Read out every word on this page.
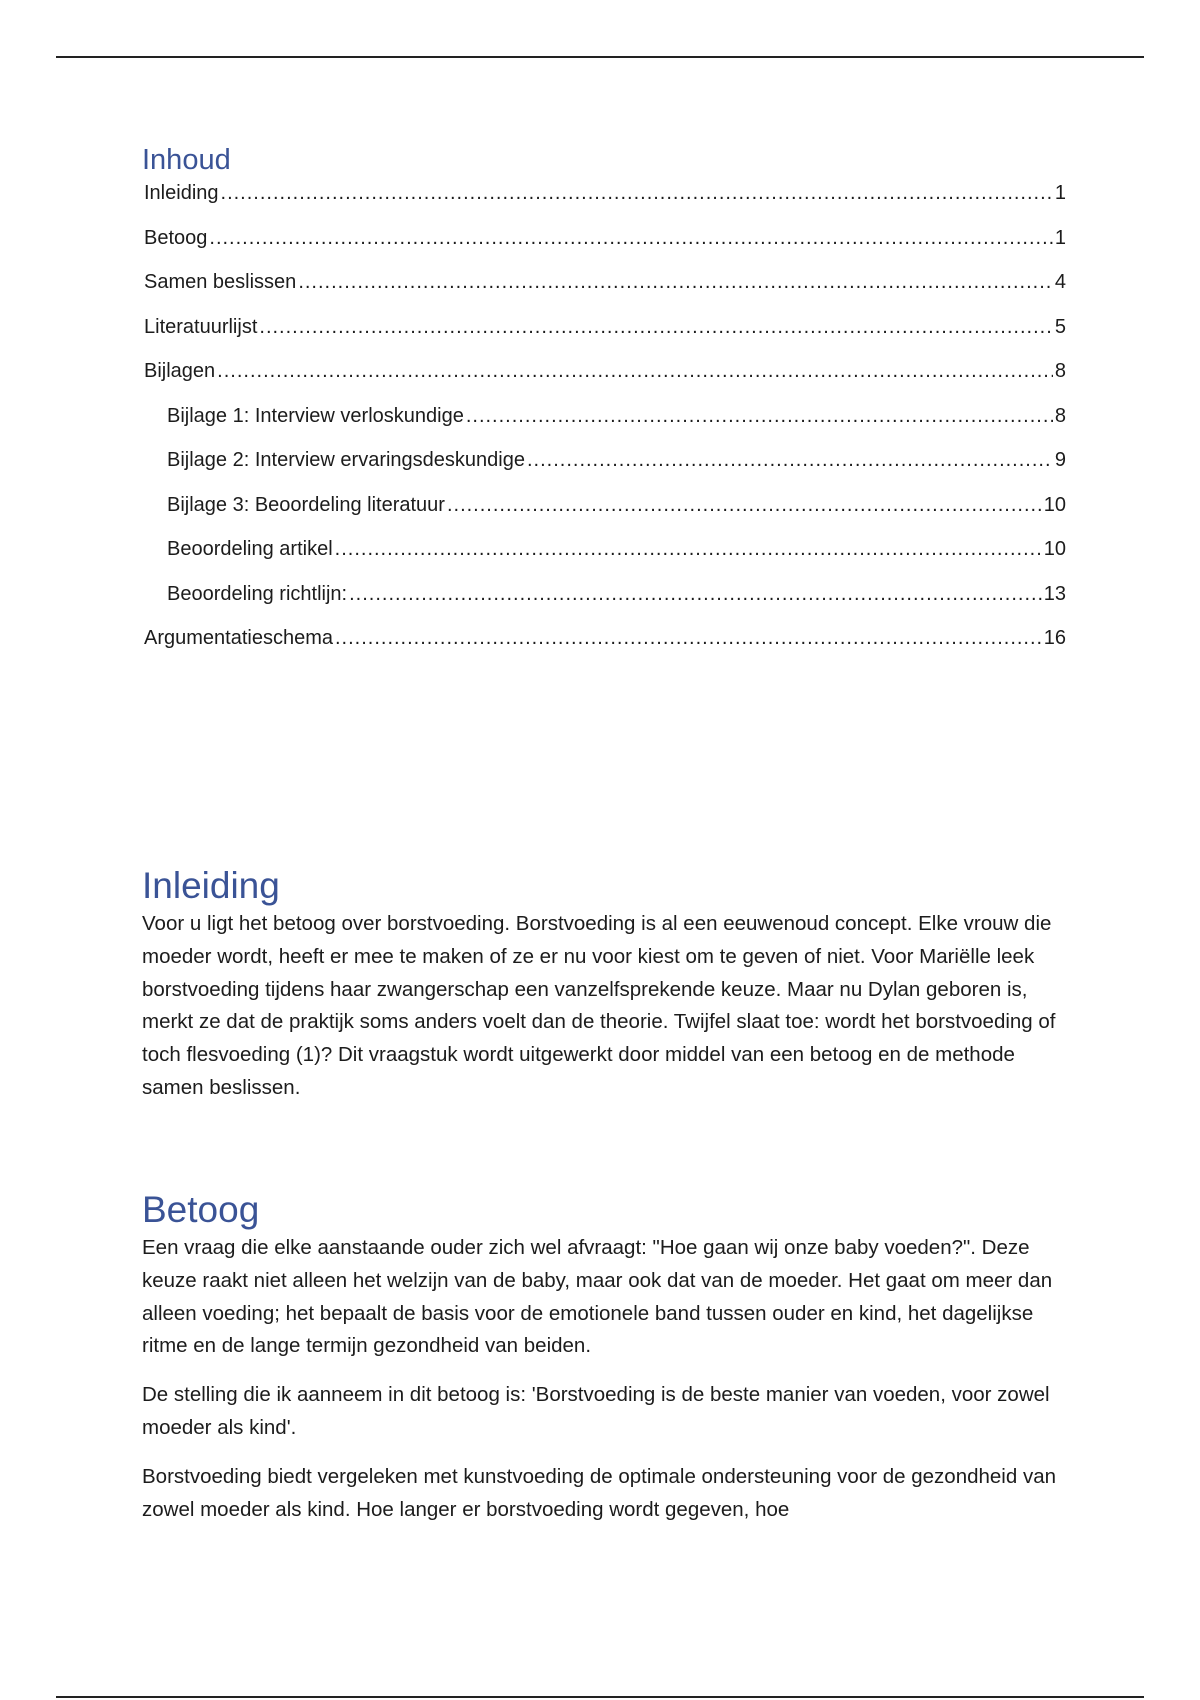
Inhoud
Inleiding .....	1
Betoog .....	1
Samen beslissen .....	4
Literatuurlijst .....	5
Bijlagen .....	8
Bijlage 1: Interview verloskundige .....	8
Bijlage 2: Interview ervaringsdeskundige .....	9
Bijlage 3: Beoordeling literatuur .....	10
Beoordeling artikel .....	10
Beoordeling richtlijn: .....	13
Argumentatieschema .....	16
Inleiding

Voor u ligt het betoog over borstvoeding. Borstvoeding is al een eeuwenoud concept. Elke vrouw die moeder wordt, heeft er mee te maken of ze er nu voor kiest om te geven of niet. Voor Mariëlle leek borstvoeding tijdens haar zwangerschap een vanzelfsprekende keuze. Maar nu Dylan geboren is, merkt ze dat de praktijk soms anders voelt dan de theorie. Twijfel slaat toe: wordt het borstvoeding of toch flesvoeding (1)? Dit vraagstuk wordt uitgewerkt door middel van een betoog en de methode samen beslissen.

Betoog

Een vraag die elke aanstaande ouder zich wel afvraagt: "Hoe gaan wij onze baby voeden?". Deze keuze raakt niet alleen het welzijn van de baby, maar ook dat van de moeder. Het gaat om meer dan alleen voeding; het bepaalt de basis voor de emotionele band tussen ouder en kind, het dagelijkse ritme en de lange termijn gezondheid van beiden.

De stelling die ik aanneem in dit betoog is: 'Borstvoeding is de beste manier van voeden, voor zowel moeder als kind'.

Borstvoeding biedt vergeleken met kunstvoeding de optimale ondersteuning voor de gezondheid van zowel moeder als kind. Hoe langer er borstvoeding wordt gegeven, hoe
